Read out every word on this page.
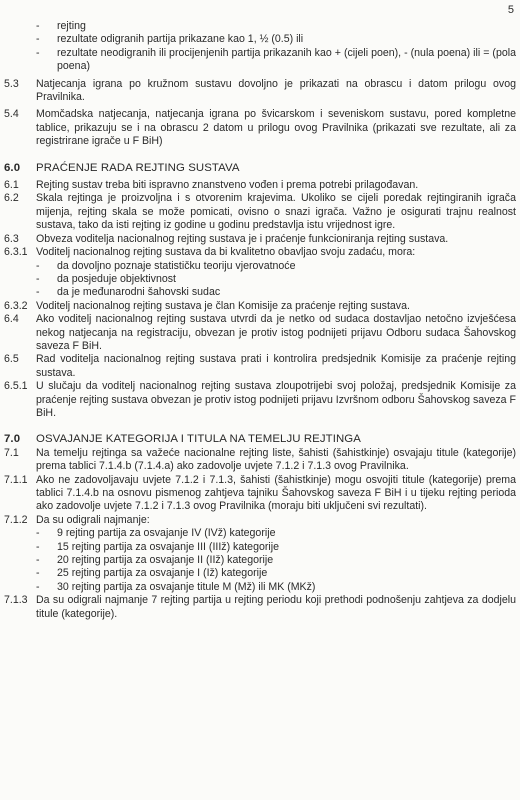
5
-	rejting
-	rezultate odigranih partija prikazane kao 1, ½ (0.5) ili
-	rezultate neodigranih ili procijenjenih partija prikazanih kao + (cijeli poen), - (nula poena) ili = (pola poena)
5.3	Natjecanja igrana po kružnom sustavu dovoljno je prikazati na obrascu i datom prilogu ovog Pravilnika.
5.4	Momčadska natjecanja, natjecanja igrana po švicarskom i seveniskom sustavu, pored kompletne tablice, prikazuju se i na obrascu 2 datom u prilogu ovog Pravilnika (prikazati sve rezultate, ali za registrirane igrače u F BiH)
6.0	PRAĆENJE RADA REJTING SUSTAVA
6.1	Rejting sustav treba biti ispravno znanstveno vođen i prema potrebi prilagođavan.
6.2	Skala rejtinga je proizvoljna i s otvorenim krajevima. Ukoliko se cijeli poredak rejtingiranih igrača mijenja, rejting skala se može pomicati, ovisno o snazi igrača. Važno je osigurati trajnu realnost sustava, tako da isti rejting iz godine u godinu predstavlja istu vrijednost igre.
6.3	Obveza voditelja nacionalnog rejting sustava je i praćenje funkcioniranja rejting sustava.
6.3.1 Voditelj nacionalnog rejting sustava da bi kvalitetno obavljao svoju zadaću, mora:
-	da dovoljno poznaje statističku teoriju vjerovatnoće
-	da posjeduje objektivnost
-	da je međunarodni šahovski sudac
6.3.2 Voditelj nacionalnog rejting sustava je član Komisije za praćenje rejting sustava.
6.4	Ako voditelj nacionalnog rejting sustava utvrdi da je netko od sudaca dostavljao netočno izvješćesa nekog natjecanja na registraciju, obvezan je protiv istog podnijeti prijavu Odboru sudaca Šahovskog saveza F BiH.
6.5	Rad voditelja nacionalnog rejting sustava prati i kontrolira predsjednik Komisije za praćenje rejting sustava.
6.5.1 U slučaju da voditelj nacionalnog rejting sustava zloupotrijebi svoj položaj, predsjednik Komisije za praćenje rejting sustava obvezan je protiv istog podnijeti prijavu Izvršnom odboru Šahovskog saveza F BiH.
7.0	OSVAJANJE KATEGORIJA I TITULA NA TEMELJU REJTINGA
7.1	Na temelju rejtinga sa važeće nacionalne rejting liste, šahisti (šahistkinje) osvajaju titule (kategorije) prema tablici 7.1.4.b (7.1.4.a) ako zadovolje uvjete 7.1.2 i 7.1.3 ovog Pravilnika.
7.1.1 Ako ne zadovoljavaju uvjete 7.1.2 i 7.1.3, šahisti (šahistkinje) mogu osvojiti titule (kategorije) prema tablici 7.1.4.b na osnovu pismenog zahtjeva tajniku Šahovskog saveza F BiH i u tijeku rejting perioda ako zadovolje uvjete 7.1.2 i 7.1.3 ovog Pravilnika (moraju biti uključeni svi rezultati).
7.1.2 Da su odigrali najmanje:
-	9 rejting partija za osvajanje IV (IVž) kategorije
-	15 rejting partija za osvajanje III (IIIž) kategorije
-	20 rejting partija za osvajanje II (IIž) kategorije
-	25 rejting partija za osvajanje I (Iž) kategorije
-	30 rejting partija za osvajanje titule M (Mž) ili MK (MKž)
7.1.3 Da su odigrali najmanje 7 rejting partija u rejting periodu koji prethodi podnošenju zahtjeva za dodjelu titule (kategorije).
